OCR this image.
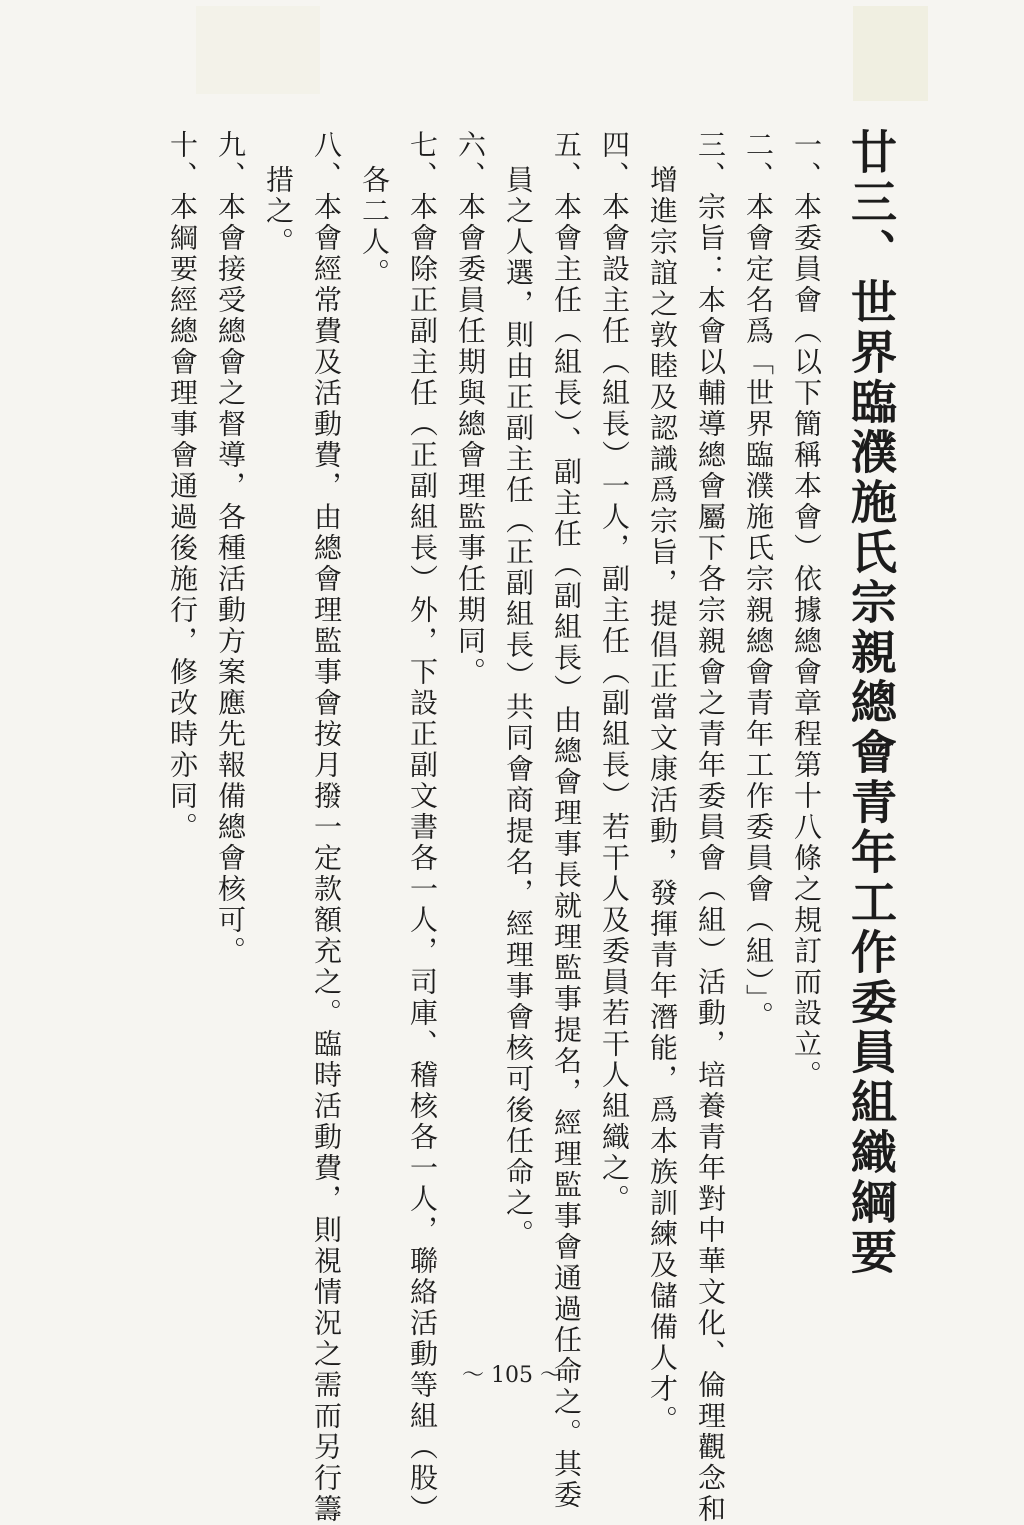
廿三、世界臨濮施氏宗親總會青年工作委員組織綱要
一、本委員會（以下簡稱本會）依據總會章程第十八條之規訂而設立。
二、本會定名爲「世界臨濮施氏宗親總會青年工作委員會（組）」。
三、宗旨：本會以輔導總會屬下各宗親會之青年委員會（組）活動，培養青年對中華文化、倫理觀念和
增進宗誼之敦睦及認識爲宗旨，提倡正當文康活動，發揮青年潛能，爲本族訓練及儲備人才。
四、本會設主任（組長）一人，副主任（副組長）若干人及委員若干人組織之。
五、本會主任（組長）、副主任（副組長）由總會理事長就理監事提名，經理監事會通過任命之。其委
員之人選，則由正副主任（正副組長）共同會商提名，經理事會核可後任命之。
六、本會委員任期與總會理監事任期同。
七、本會除正副主任（正副組長）外，下設正副文書各一人，司庫、稽核各一人，聯絡活動等組（股）
各二人。
八、本會經常費及活動費，由總會理監事會按月撥一定款額充之。臨時活動費，則視情況之需而另行籌
措之。
九、本會接受總會之督導，各種活動方案應先報備總會核可。
十、本綱要經總會理事會通過後施行，修改時亦同。
～ 105 ～
